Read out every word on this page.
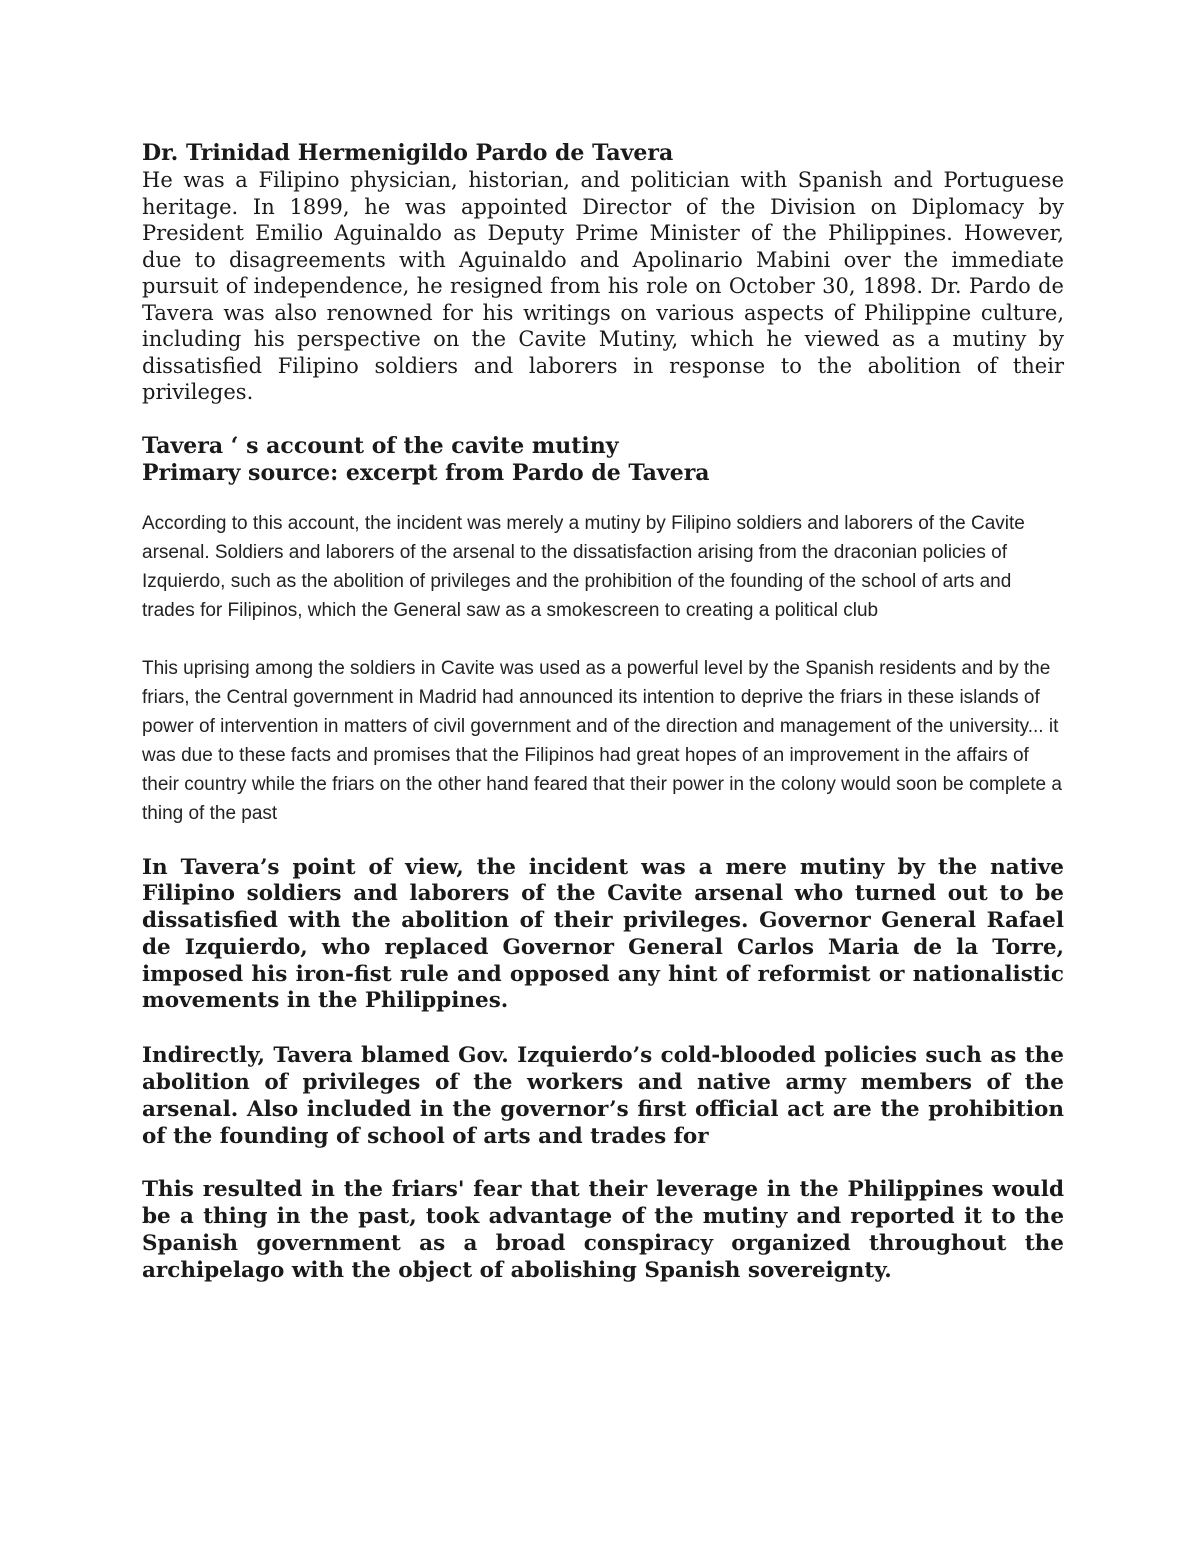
Dr. Trinidad Hermenigildo Pardo de Tavera

He was a Filipino physician, historian, and politician with Spanish and Portuguese heritage. In 1899, he was appointed Director of the Division on Diplomacy by President Emilio Aguinaldo as Deputy Prime Minister of the Philippines. However, due to disagreements with Aguinaldo and Apolinario Mabini over the immediate pursuit of independence, he resigned from his role on October 30, 1898. Dr. Pardo de Tavera was also renowned for his writings on various aspects of Philippine culture, including his perspective on the Cavite Mutiny, which he viewed as a mutiny by dissatisfied Filipino soldiers and laborers in response to the abolition of their privileges.

Tavera ‘ s account of the cavite mutiny
Primary source: excerpt from Pardo de Tavera

According to this account, the incident was merely a mutiny by Filipino soldiers and laborers of the Cavite arsenal. Soldiers and laborers of the arsenal to the dissatisfaction arising from the draconian policies of Izquierdo, such as the abolition of privileges and the prohibition of the founding of the school of arts and trades for Filipinos, which the General saw as a smokescreen to creating a political club

This uprising among the soldiers in Cavite was used as a powerful level by the Spanish residents and by the friars, the Central government in Madrid had announced its intention to deprive the friars in these islands of power of intervention in matters of civil government and of the direction and management of the university... it was due to these facts and promises that the Filipinos had great hopes of an improvement in the affairs of their country while the friars on the other hand feared that their power in the colony would soon be complete a thing of the past

In Tavera’s point of view, the incident was a mere mutiny by the native Filipino soldiers and laborers of the Cavite arsenal who turned out to be dissatisfied with the abolition of their privileges. Governor General Rafael de Izquierdo, who replaced Governor General Carlos Maria de la Torre, imposed his iron-fist rule and opposed any hint of reformist or nationalistic movements in the Philippines.

Indirectly, Tavera blamed Gov. Izquierdo’s cold-blooded policies such as the abolition of privileges of the workers and native army members of the arsenal. Also included in the governor’s first official act are the prohibition of the founding of school of arts and trades for

This resulted in the friars' fear that their leverage in the Philippines would be a thing in the past, took advantage of the mutiny and reported it to the Spanish government as a broad conspiracy organized throughout the archipelago with the object of abolishing Spanish sovereignty.
